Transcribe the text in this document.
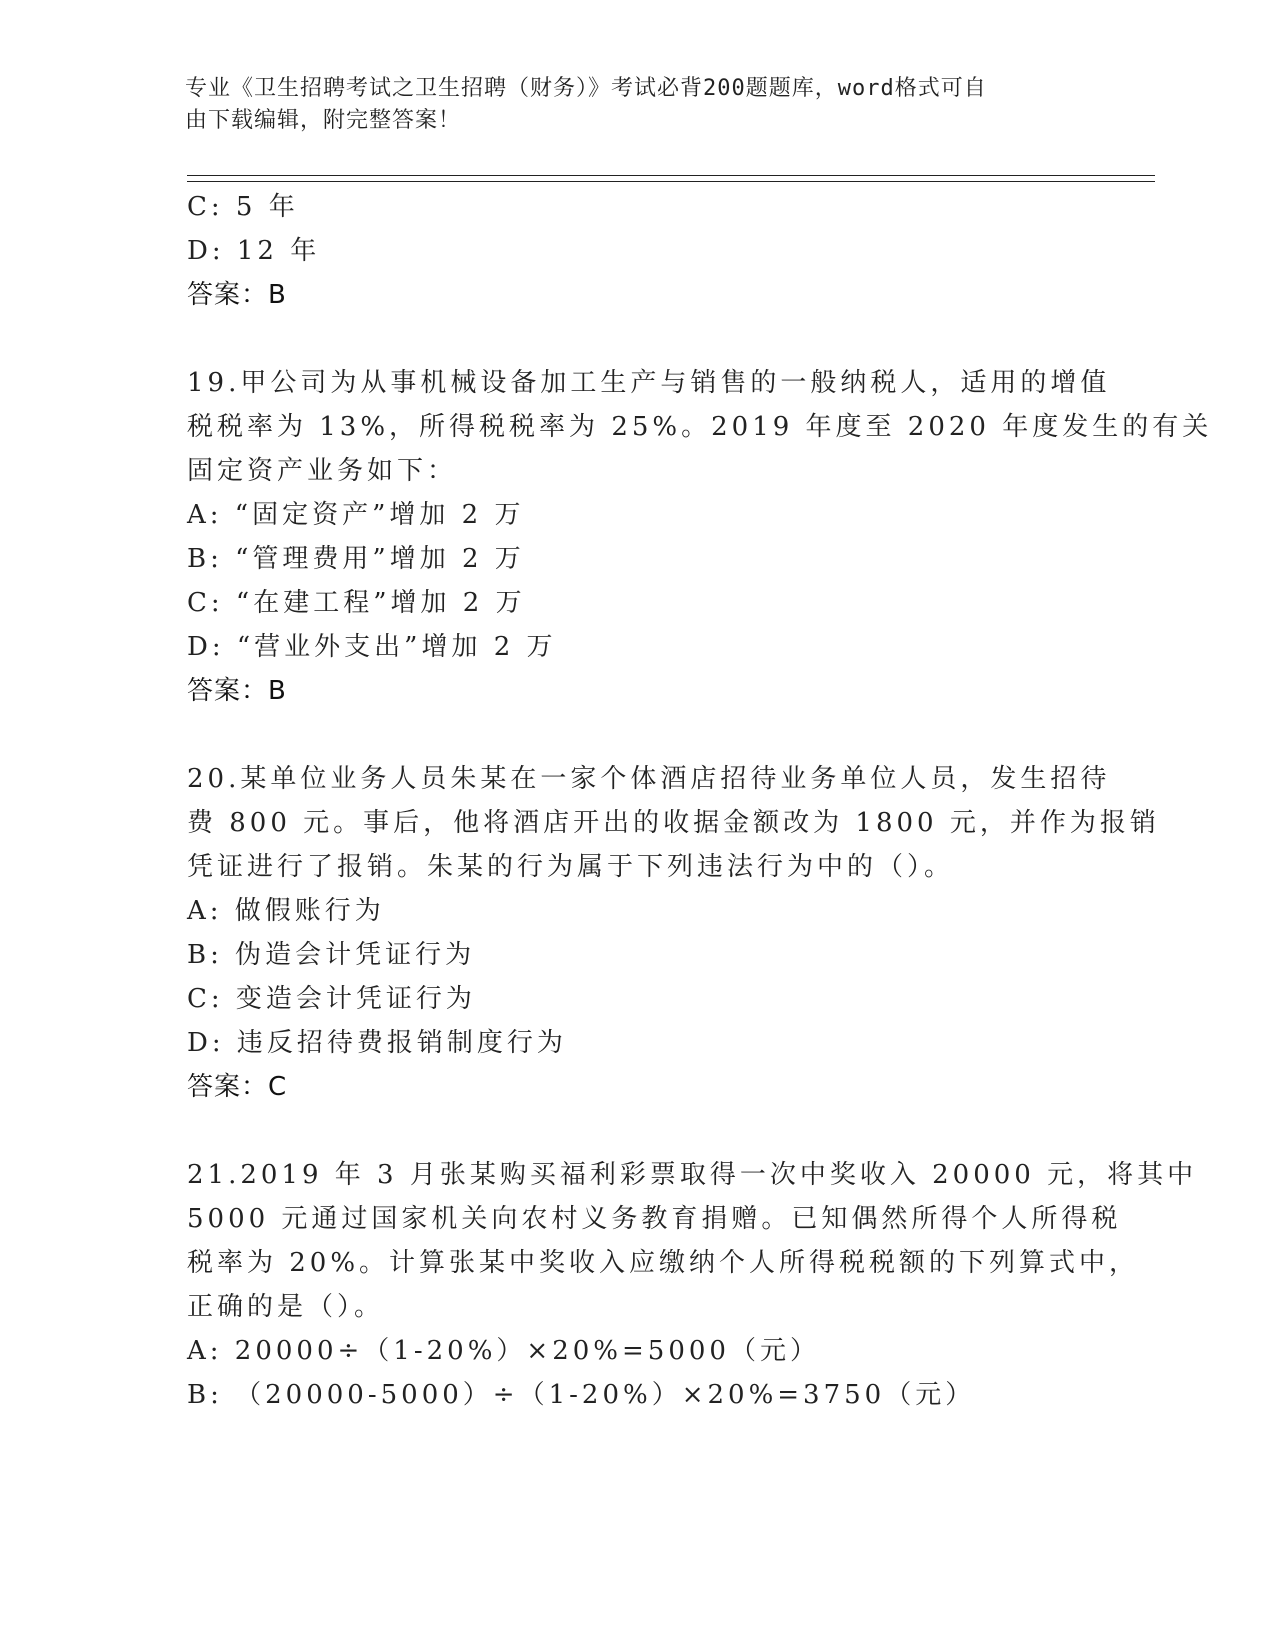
专业《卫生招聘考试之卫生招聘（财务）》考试必背200题题库，word格式可自
由下载编辑，附完整答案！
C: 5 年
D: 12 年
答案：B
19.甲公司为从事机械设备加工生产与销售的一般纳税人，适用的增值
税税率为 13%，所得税税率为 25%。2019 年度至 2020 年度发生的有关
固定资产业务如下：
A: “固定资产”增加 2 万
B: “管理费用”增加 2 万
C: “在建工程”增加 2 万
D: “营业外支出”增加 2 万
答案：B
20.某单位业务人员朱某在一家个体酒店招待业务单位人员，发生招待
费 800 元。事后，他将酒店开出的收据金额改为 1800 元，并作为报销
凭证进行了报销。朱某的行为属于下列违法行为中的（）。
A: 做假账行为
B: 伪造会计凭证行为
C: 变造会计凭证行为
D: 违反招待费报销制度行为
答案：C
21.2019 年 3 月张某购买福利彩票取得一次中奖收入 20000 元，将其中
5000 元通过国家机关向农村义务教育捐赠。已知偶然所得个人所得税
税率为 20%。计算张某中奖收入应缴纳个人所得税税额的下列算式中，
正确的是（）。
A: 20000÷（1-20%）×20%=5000（元）
B: （20000-5000）÷（1-20%）×20%=3750（元）
